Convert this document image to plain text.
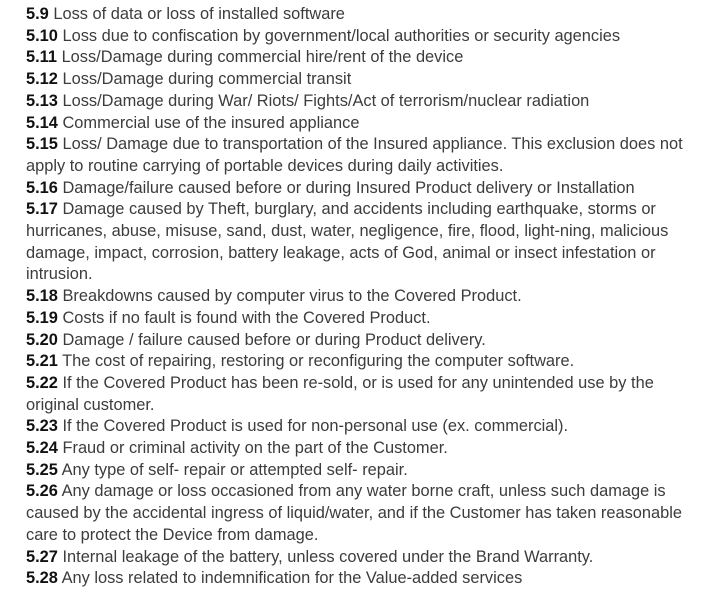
5.9 Loss of data or loss of installed software

5.10 Loss due to confiscation by government/local authorities or security agencies

5.11 Loss/Damage during commercial hire/rent of the device

5.12 Loss/Damage during commercial transit

5.13 Loss/Damage during War/ Riots/ Fights/Act of terrorism/nuclear radiation

5.14 Commercial use of the insured appliance

5.15 Loss/ Damage due to transportation of the Insured appliance. This exclusion does not apply to routine carrying of portable devices during daily activities.

5.16 Damage/failure caused before or during Insured Product delivery or Installation

5.17 Damage caused by Theft, burglary, and accidents including earthquake, storms or hurricanes, abuse, misuse, sand, dust, water, negligence, fire, flood, light-ning, malicious damage, impact, corrosion, battery leakage, acts of God, animal or insect infestation or intrusion.

5.18 Breakdowns caused by computer virus to the Covered Product.

5.19 Costs if no fault is found with the Covered Product.

5.20 Damage / failure caused before or during Product delivery.

5.21 The cost of repairing, restoring or reconfiguring the computer software.

5.22 If the Covered Product has been re-sold, or is used for any unintended use by the original customer.

5.23 If the Covered Product is used for non-personal use (ex. commercial).

5.24 Fraud or criminal activity on the part of the Customer.

5.25 Any type of self- repair or attempted self- repair.

5.26 Any damage or loss occasioned from any water borne craft, unless such damage is caused by the accidental ingress of liquid/water, and if the Customer has taken reasonable care to protect the Device from damage.

5.27 Internal leakage of the battery, unless covered under the Brand Warranty.

5.28 Any loss related to indemnification for the Value-added services
